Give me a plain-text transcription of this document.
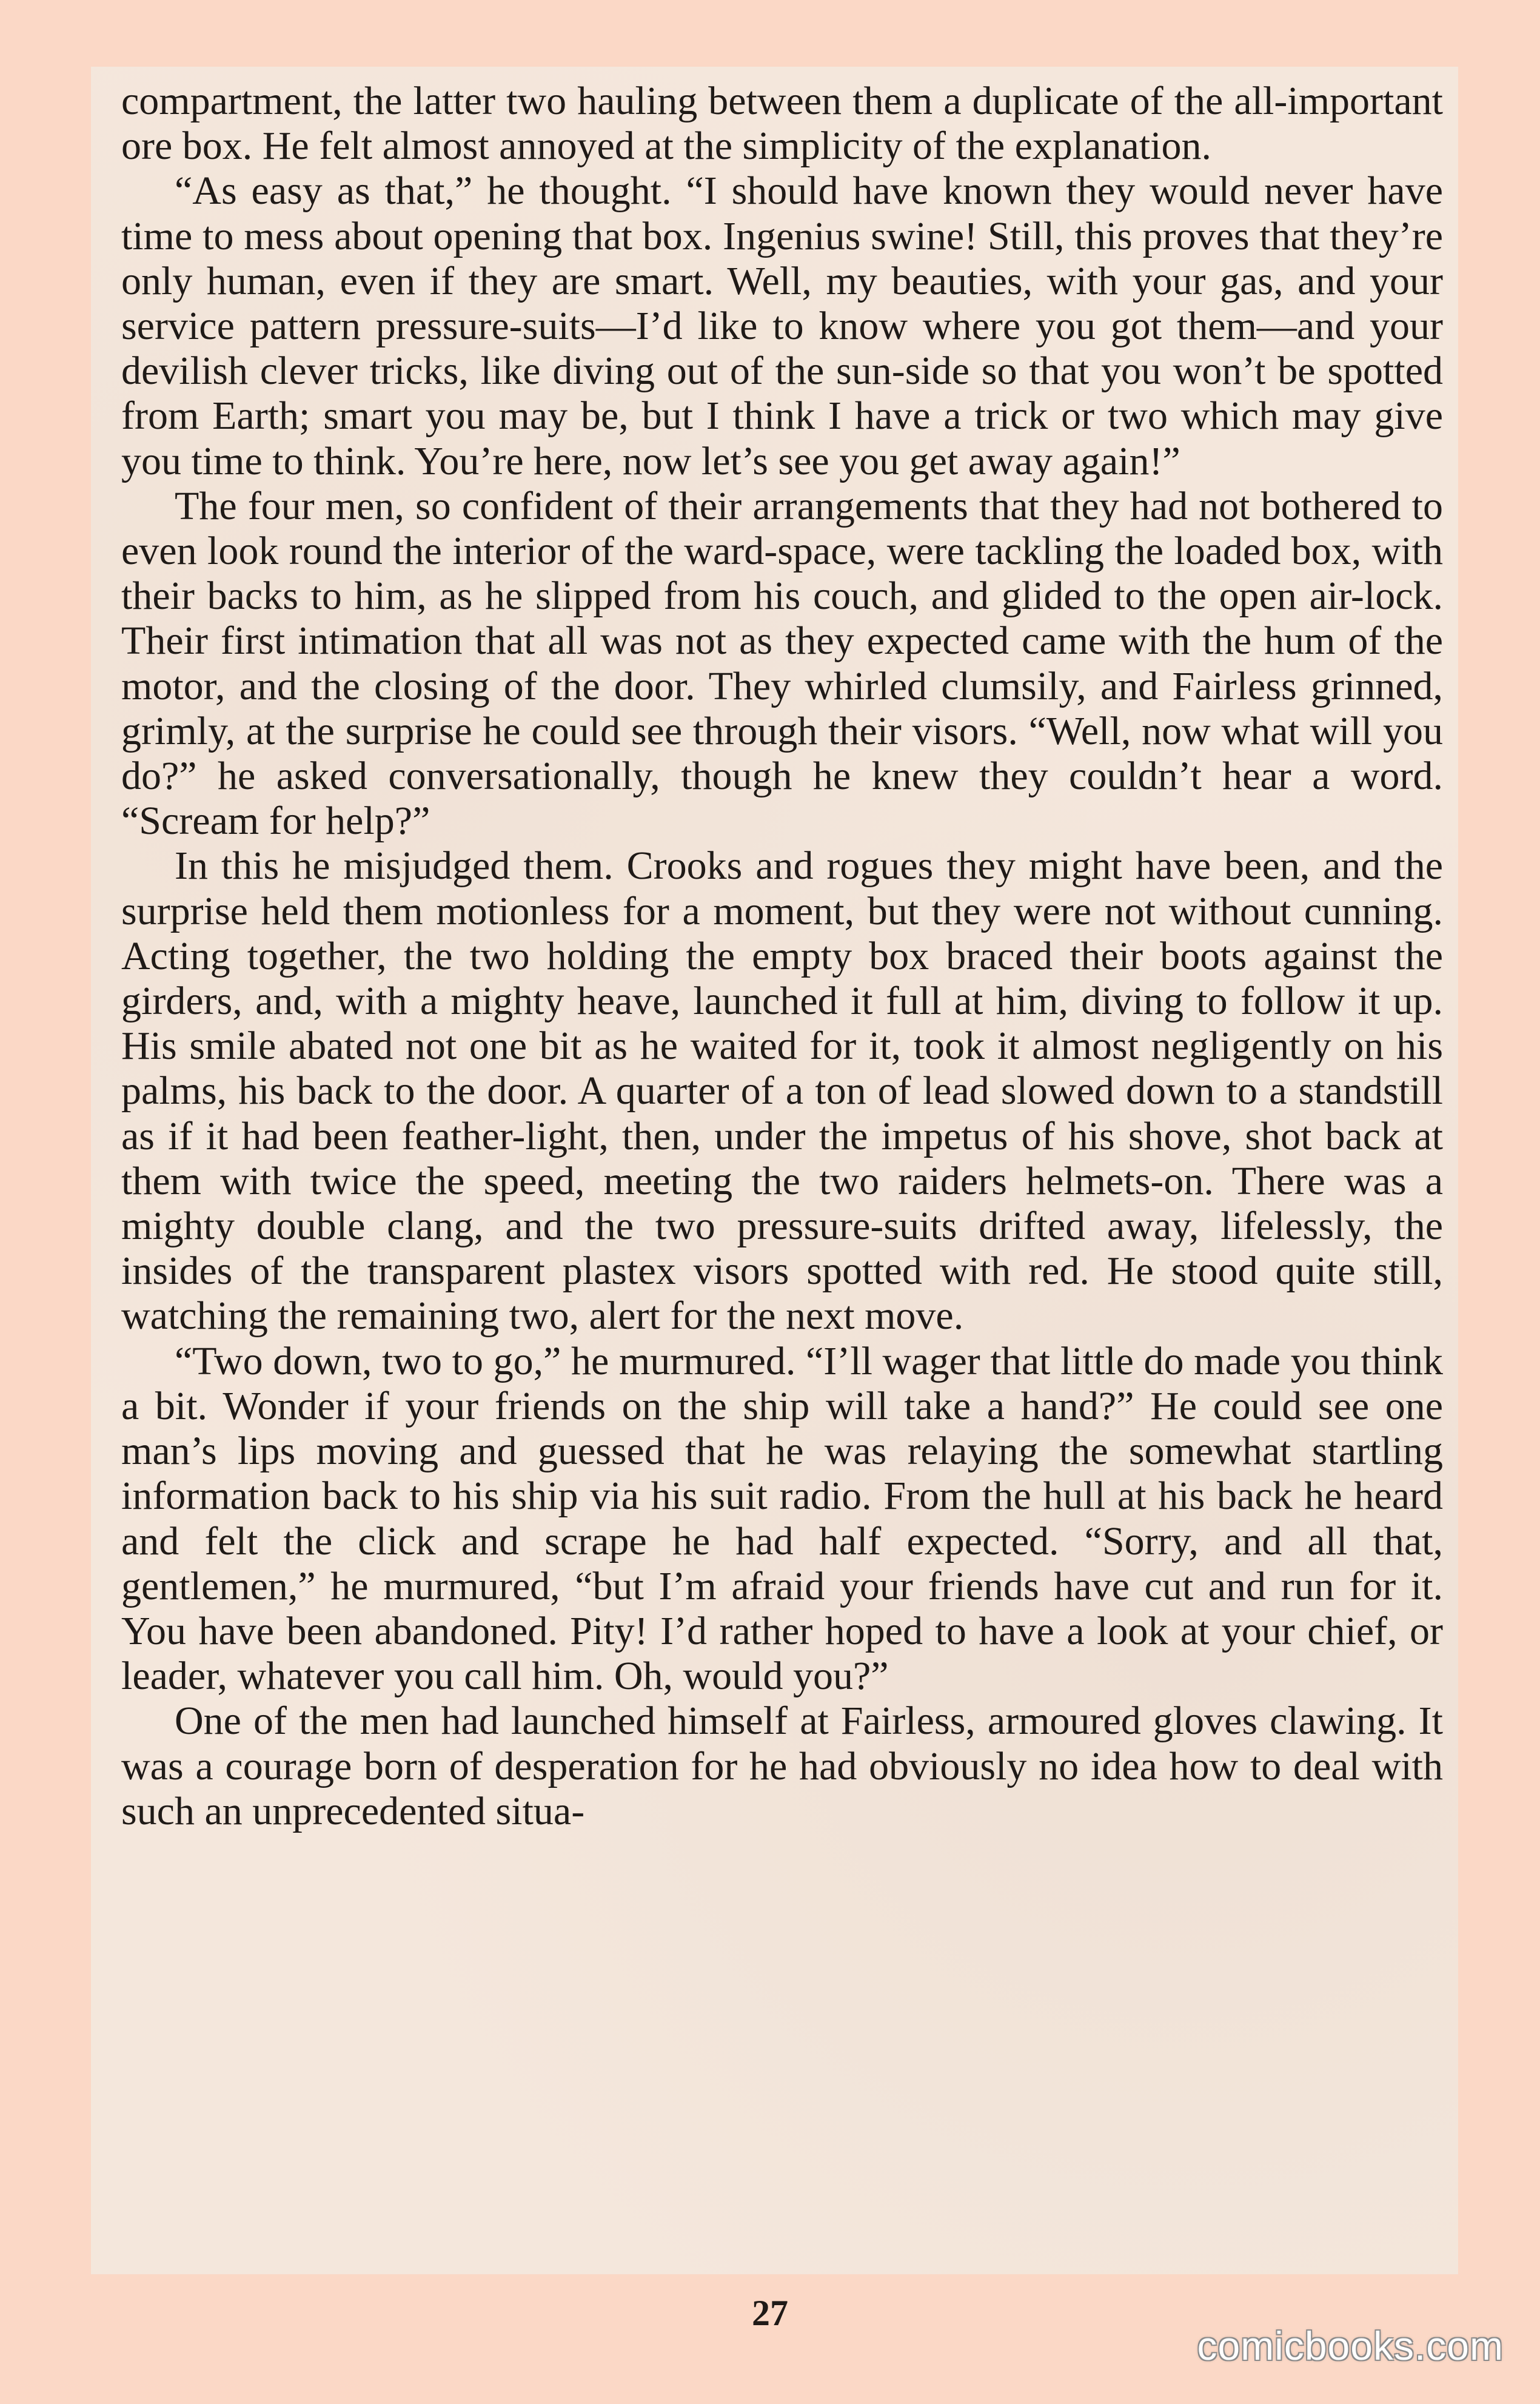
compartment, the latter two hauling between them a duplicate of the all-important ore box. He felt almost annoyed at the simplicity of the explanation.

“As easy as that,” he thought. “I should have known they would never have time to mess about opening that box. Ingenius swine! Still, this proves that they’re only human, even if they are smart. Well, my beauties, with your gas, and your service pattern pressure-suits—I’d like to know where you got them—and your devilish clever tricks, like diving out of the sun-side so that you won’t be spotted from Earth; smart you may be, but I think I have a trick or two which may give you time to think. You’re here, now let’s see you get away again!”

The four men, so confident of their arrangements that they had not bothered to even look round the interior of the ward-space, were tackling the loaded box, with their backs to him, as he slipped from his couch, and glided to the open air-lock. Their first intimation that all was not as they expected came with the hum of the motor, and the closing of the door. They whirled clumsily, and Fairless grinned, grimly, at the surprise he could see through their visors. “Well, now what will you do?” he asked conversationally, though he knew they couldn’t hear a word. “Scream for help?”

In this he misjudged them. Crooks and rogues they might have been, and the surprise held them motionless for a moment, but they were not without cunning. Acting together, the two holding the empty box braced their boots against the girders, and, with a mighty heave, launched it full at him, diving to follow it up. His smile abated not one bit as he waited for it, took it almost negligently on his palms, his back to the door. A quarter of a ton of lead slowed down to a standstill as if it had been feather-light, then, under the impetus of his shove, shot back at them with twice the speed, meeting the two raiders helmets-on. There was a mighty double clang, and the two pressure-suits drifted away, lifelessly, the insides of the transparent plastex visors spotted with red. He stood quite still, watching the remaining two, alert for the next move.

“Two down, two to go,” he murmured. “I’ll wager that little do made you think a bit. Wonder if your friends on the ship will take a hand?” He could see one man’s lips moving and guessed that he was relaying the somewhat startling information back to his ship via his suit radio. From the hull at his back he heard and felt the click and scrape he had half expected. “Sorry, and all that, gentlemen,” he murmured, “but I’m afraid your friends have cut and run for it. You have been abandoned. Pity! I’d rather hoped to have a look at your chief, or leader, whatever you call him. Oh, would you?”

One of the men had launched himself at Fairless, armoured gloves clawing. It was a courage born of desperation for he had obviously no idea how to deal with such an unprecedented situa-

27
comicbooks.com
